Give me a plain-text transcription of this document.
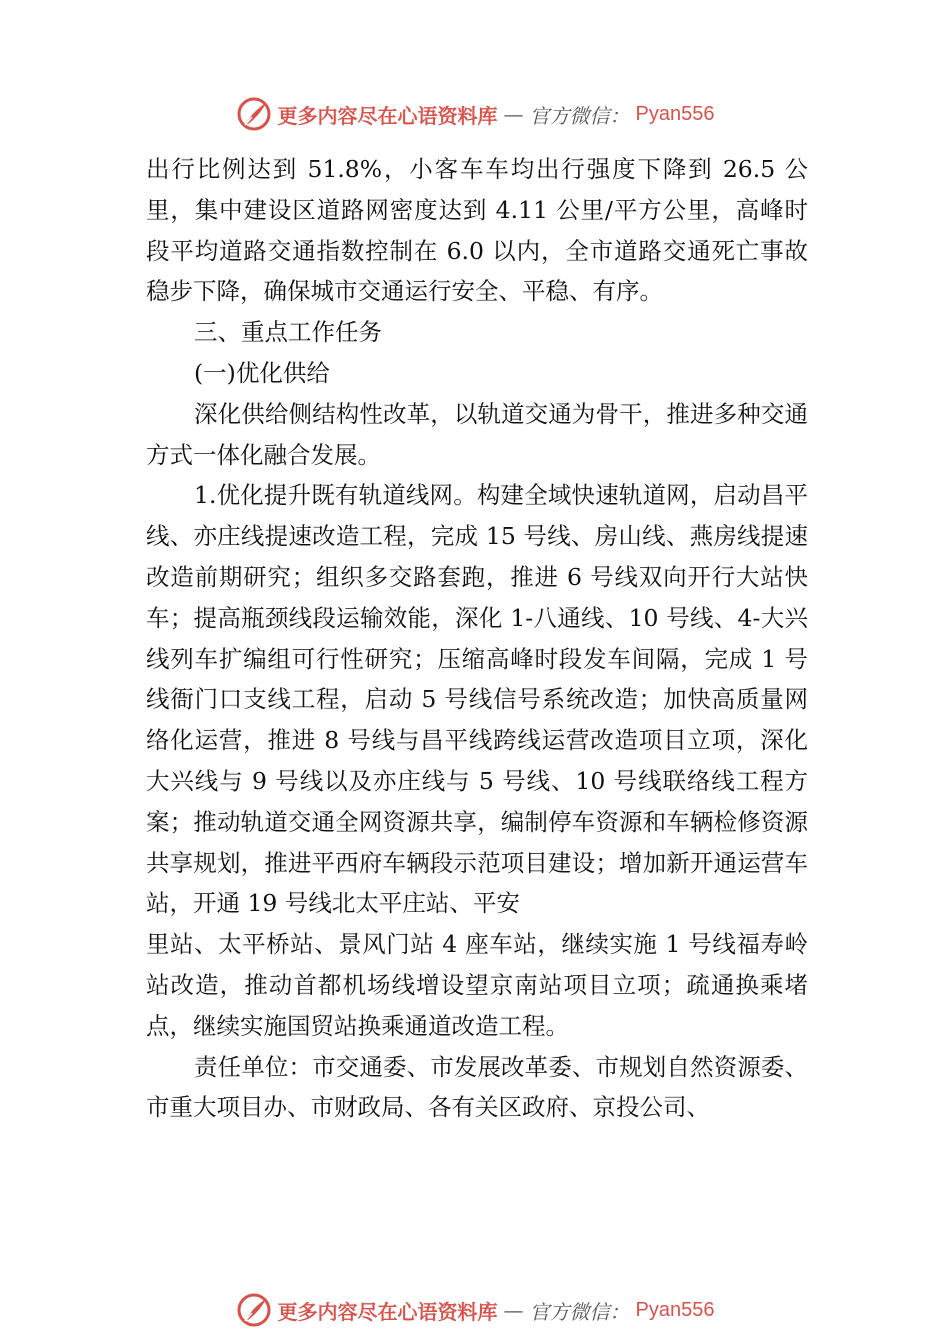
更多内容尽在心语资料库 — 官方微信： Pyan556

出行比例达到 51.8%，小客车车均出行强度下降到 26.5 公里，集中建设区道路网密度达到 4.11 公里/平方公里，高峰时段平均道路交通指数控制在 6.0 以内，全市道路交通死亡事故稳步下降，确保城市交通运行安全、平稳、有序。

三、重点工作任务

(一)优化供给

深化供给侧结构性改革，以轨道交通为骨干，推进多种交通方式一体化融合发展。

1.优化提升既有轨道线网。构建全域快速轨道网，启动昌平线、亦庄线提速改造工程，完成 15 号线、房山线、燕房线提速改造前期研究；组织多交路套跑，推进 6 号线双向开行大站快车；提高瓶颈线段运输效能，深化 1-八通线、10 号线、4-大兴线列车扩编组可行性研究；压缩高峰时段发车间隔，完成 1 号线衙门口支线工程，启动 5 号线信号系统改造；加快高质量网络化运营，推进 8 号线与昌平线跨线运营改造项目立项，深化大兴线与 9 号线以及亦庄线与 5 号线、10 号线联络线工程方案；推动轨道交通全网资源共享，编制停车资源和车辆检修资源共享规划，推进平西府车辆段示范项目建设；增加新开通运营车站，开通 19 号线北太平庄站、平安

里站、太平桥站、景风门站 4 座车站，继续实施 1 号线福寿岭站改造，推动首都机场线增设望京南站项目立项；疏通换乘堵点，继续实施国贸站换乘通道改造工程。

责任单位：市交通委、市发展改革委、市规划自然资源委、市重大项目办、市财政局、各有关区政府、京投公司、

更多内容尽在心语资料库 — 官方微信： Pyan556
